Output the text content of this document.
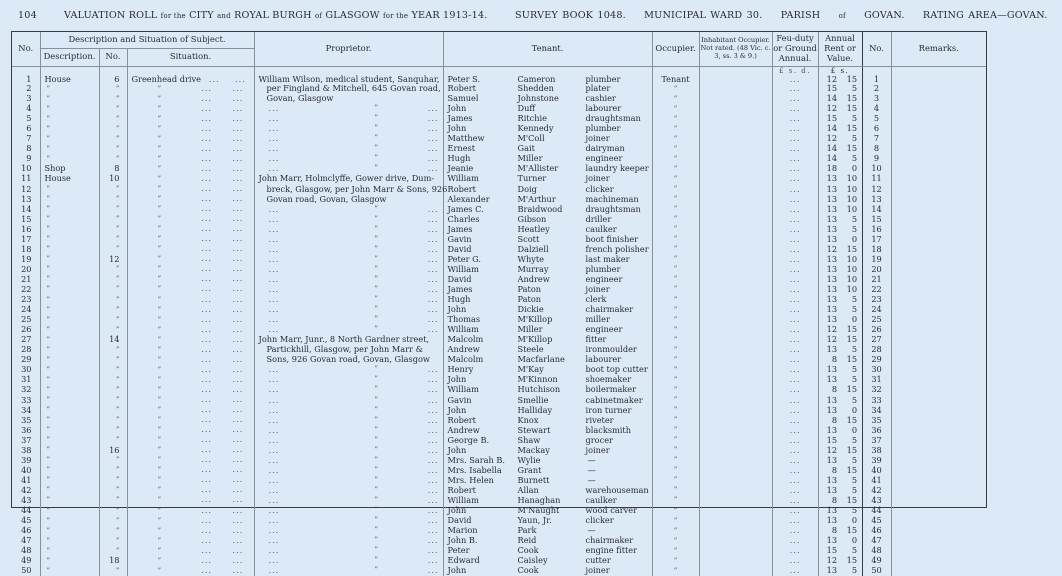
104	VALUATION ROLL for the CITY and ROYAL BURGH of GLASGOW for the YEAR 1913-14.	SURVEY BOOK 1048. MUNICIPAL WARD 30. PARISH	of GOVAN. RATING AREA—GOVAN.
No.	Description and Situation of Subject.			Proprietor.	Tenant.	Occupier.	Inhabitant Occupier. Not rated. (48 Vic. c. 3, ss. 3 & 9.)	Feu-duty or Ground Annual.	Annual Rent or Value.	No.	Remarks.
	Description.	No.	Situation.								
								£ s. d.	£ s.		
1	House	6	Greenhead drive ... ...	William Wilson, medical student, Sanquhar,	Peter S. Cameron plumber	Tenant		...	12 15	1	
2	”	”	” ... ...	per Fingland & Mitchell, 645 Govan road,	Robert Shedden plater	”		...	15 5	2	
3	”	”	” ... ...	Govan, Glasgow	Samuel Johnstone cashier	”		...	14 15	3	
4	”	”	” ... ...	... ” ...	John Duff labourer	”		...	12 15	4	
5	”	”	” ... ...	... ” ...	James Ritchie draughtsman	”		...	15 5	5	
6	”	”	” ... ...	... ” ...	John Kennedy plumber	”		...	14 15	6	
7	”	”	” ... ...	... ” ...	Matthew M'Coll joiner	”		...	12 5	7	
8	”	”	” ... ...	... ” ...	Ernest Gait dairyman	”		...	14 15	8	
9	”	”	” ... ...	... ” ...	Hugh Miller engineer	”		...	14 5	9	
10	Shop	8	” ... ...	... ” ...	Jeanie M'Allister laundry keeper	”		...	18 0	10	
11	House	10	” ... ...	John Marr, Holmclyffe, Gower drive, Dum-	William Turner joiner	”		...	13 10	11	
12	”	”	” ... ...	breck, Glasgow, per John Marr & Sons, 926	Robert Doig clicker	”		...	13 10	12	
13	”	”	” ... ...	Govan road, Govan, Glasgow	Alexander M'Arthur machineman	”		...	13 10	13	
14	”	”	” ... ...	... ” ...	James C. Braidwood draughtsman	”		...	13 10	14	
15	”	”	” ... ...	... ” ...	Charles Gibson driller	”		...	13 5	15	
16	”	”	” ... ...	... ” ...	James Heatley caulker	”		...	13 5	16	
17	”	”	” ... ...	... ” ...	Gavin Scott boot finisher	”		...	13 0	17	
18	”	”	” ... ...	... ” ...	David Dalziell french polisher	”		...	12 15	18	
19	”	12	” ... ...	... ” ...	Peter G. Whyte last maker	”		...	13 10	19	
20	”	”	” ... ...	... ” ...	William Murray plumber	”		...	13 10	20	
21	”	”	” ... ...	... ” ...	David Andrew engineer	”		...	13 10	21	
22	”	”	” ... ...	... ” ...	James Paton joiner	”		...	13 10	22	
23	”	”	” ... ...	... ” ...	Hugh Paton clerk	”		...	13 5	23	
24	”	”	” ... ...	... ” ...	John Dickie chairmaker	”		...	13 5	24	
25	”	”	” ... ...	... ” ...	Thomas M'Killop miller	”		...	13 0	25	
26	”	”	” ... ...	... ” ...	William Miller engineer	”		...	12 15	26	
27	”	14	” ... ...	John Marr, Junr., 8 North Gardner street,	Malcolm M'Killop fitter	”		...	12 15	27	
28	”	”	” ... ...	Partickhill, Glasgow, per John Marr &	Andrew Steele ironmoulder	”		...	13 5	28	
29	”	”	” ... ...	Sons, 926 Govan road, Govan, Glasgow	Malcolm Macfarlane labourer	”		...	8 15	29	
30	”	”	” ... ...	... ” ...	Henry M'Kay boot top cutter	”		...	13 5	30	
31	”	”	” ... ...	... ” ...	John M'Kinnon shoemaker	”		...	13 5	31	
32	”	”	” ... ...	... ” ...	William Hutchison boilermaker	”		...	8 15	32	
33	”	”	” ... ...	... ” ...	Gavin Smellie cabinetmaker	”		...	13 5	33	
34	”	”	” ... ...	... ” ...	John Halliday iron turner	”		...	13 0	34	
35	”	”	” ... ...	... ” ...	Robert Knox riveter	”		...	8 15	35	
36	”	”	” ... ...	... ” ...	Andrew Stewart blacksmith	”		...	13 0	36	
37	”	”	” ... ...	... ” ...	George B. Shaw grocer	”		...	15 5	37	
38	”	16	” ... ...	... ” ...	John Mackay joiner	”		...	12 15	38	
39	”	”	” ... ...	... ” ...	Mrs. Sarah B. Wylie —	”		...	13 5	39	
40	”	”	” ... ...	... ” ...	Mrs. Isabella Grant —	”		...	8 15	40	
41	”	”	” ... ...	... ” ...	Mrs. Helen Burnett —	”		...	13 5	41	
42	”	”	” ... ...	... ” ...	Robert Allan warehouseman	”		...	13 5	42	
43	”	”	” ... ...	... ” ...	William Hanaghan caulker	”		...	8 15	43	
44	”	”	” ... ...	... ” ...	John M'Naught wood carver	”		...	13 5	44	
45	”	”	” ... ...	... ” ...	David Yaun, Jr. clicker	”		...	13 0	45	
46	”	”	” ... ...	... ” ...	Marion Park —	”		...	8 15	46	
47	”	”	” ... ...	... ” ...	John B. Reid chairmaker	”		...	13 0	47	
48	”	”	” ... ...	... ” ...	Peter Cook engine fitter	”		...	15 5	48	
49	”	18	” ... ...	... ” ...	Edward Caisley cutter	”		...	12 15	49	
50	”	”	” ... ...	... ” ...	John Cook joiner	”		...	13 5	50	
